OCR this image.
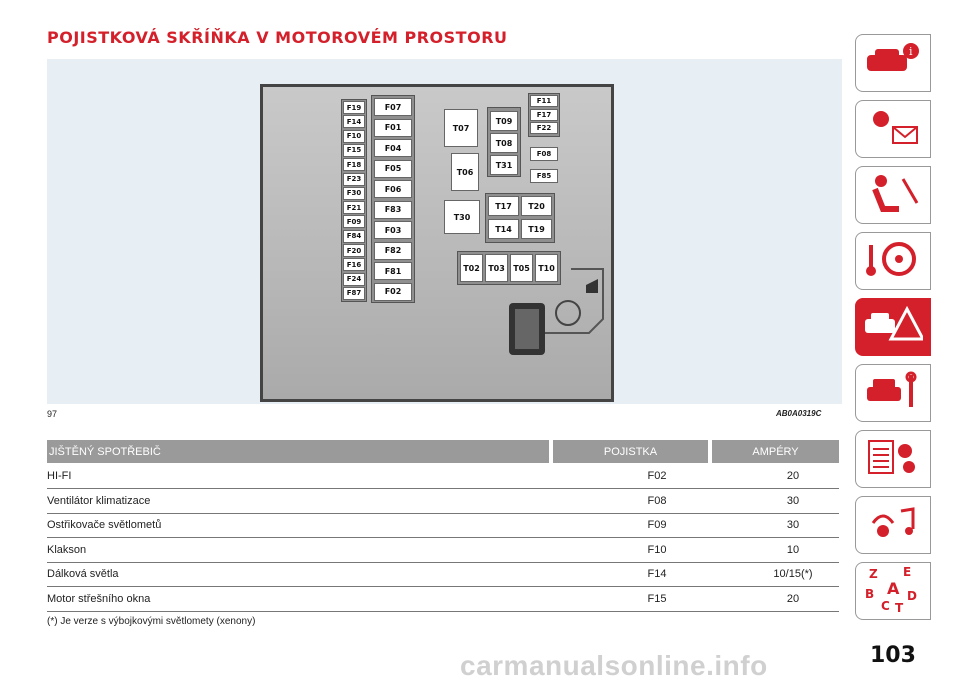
POJISTKOVÁ SKŘÍŇKA V MOTOROVÉM PROSTORU
F19
F14
F10
F15
F18
F23
F30
F21
F09
F84
F20
F16
F24
F87
F07
F01
F04
F05
F06
F83
F03
F82
F81
F02
T07
T09
T08
T31
T06
T30
T17	T20
T14	T19
T02	T03	T05	T10
F11
F17
F22
F08
F85
97	AB0A0319C
JIŠTĚNÝ SPOTŘEBIČ	POJISTKA	AMPÉRY
HI-FI	F02	20
Ventilátor klimatizace	F08	30
Ostřikovače světlometů	F09	30
Klakson	F10	10
Dálková světla	F14	10/15(*)
Motor střešního okna	F15	20
(*) Je verze s výbojkovými světlomety (xenony)
i
Z E
B A D
C T
carmanualsonline.info	103
